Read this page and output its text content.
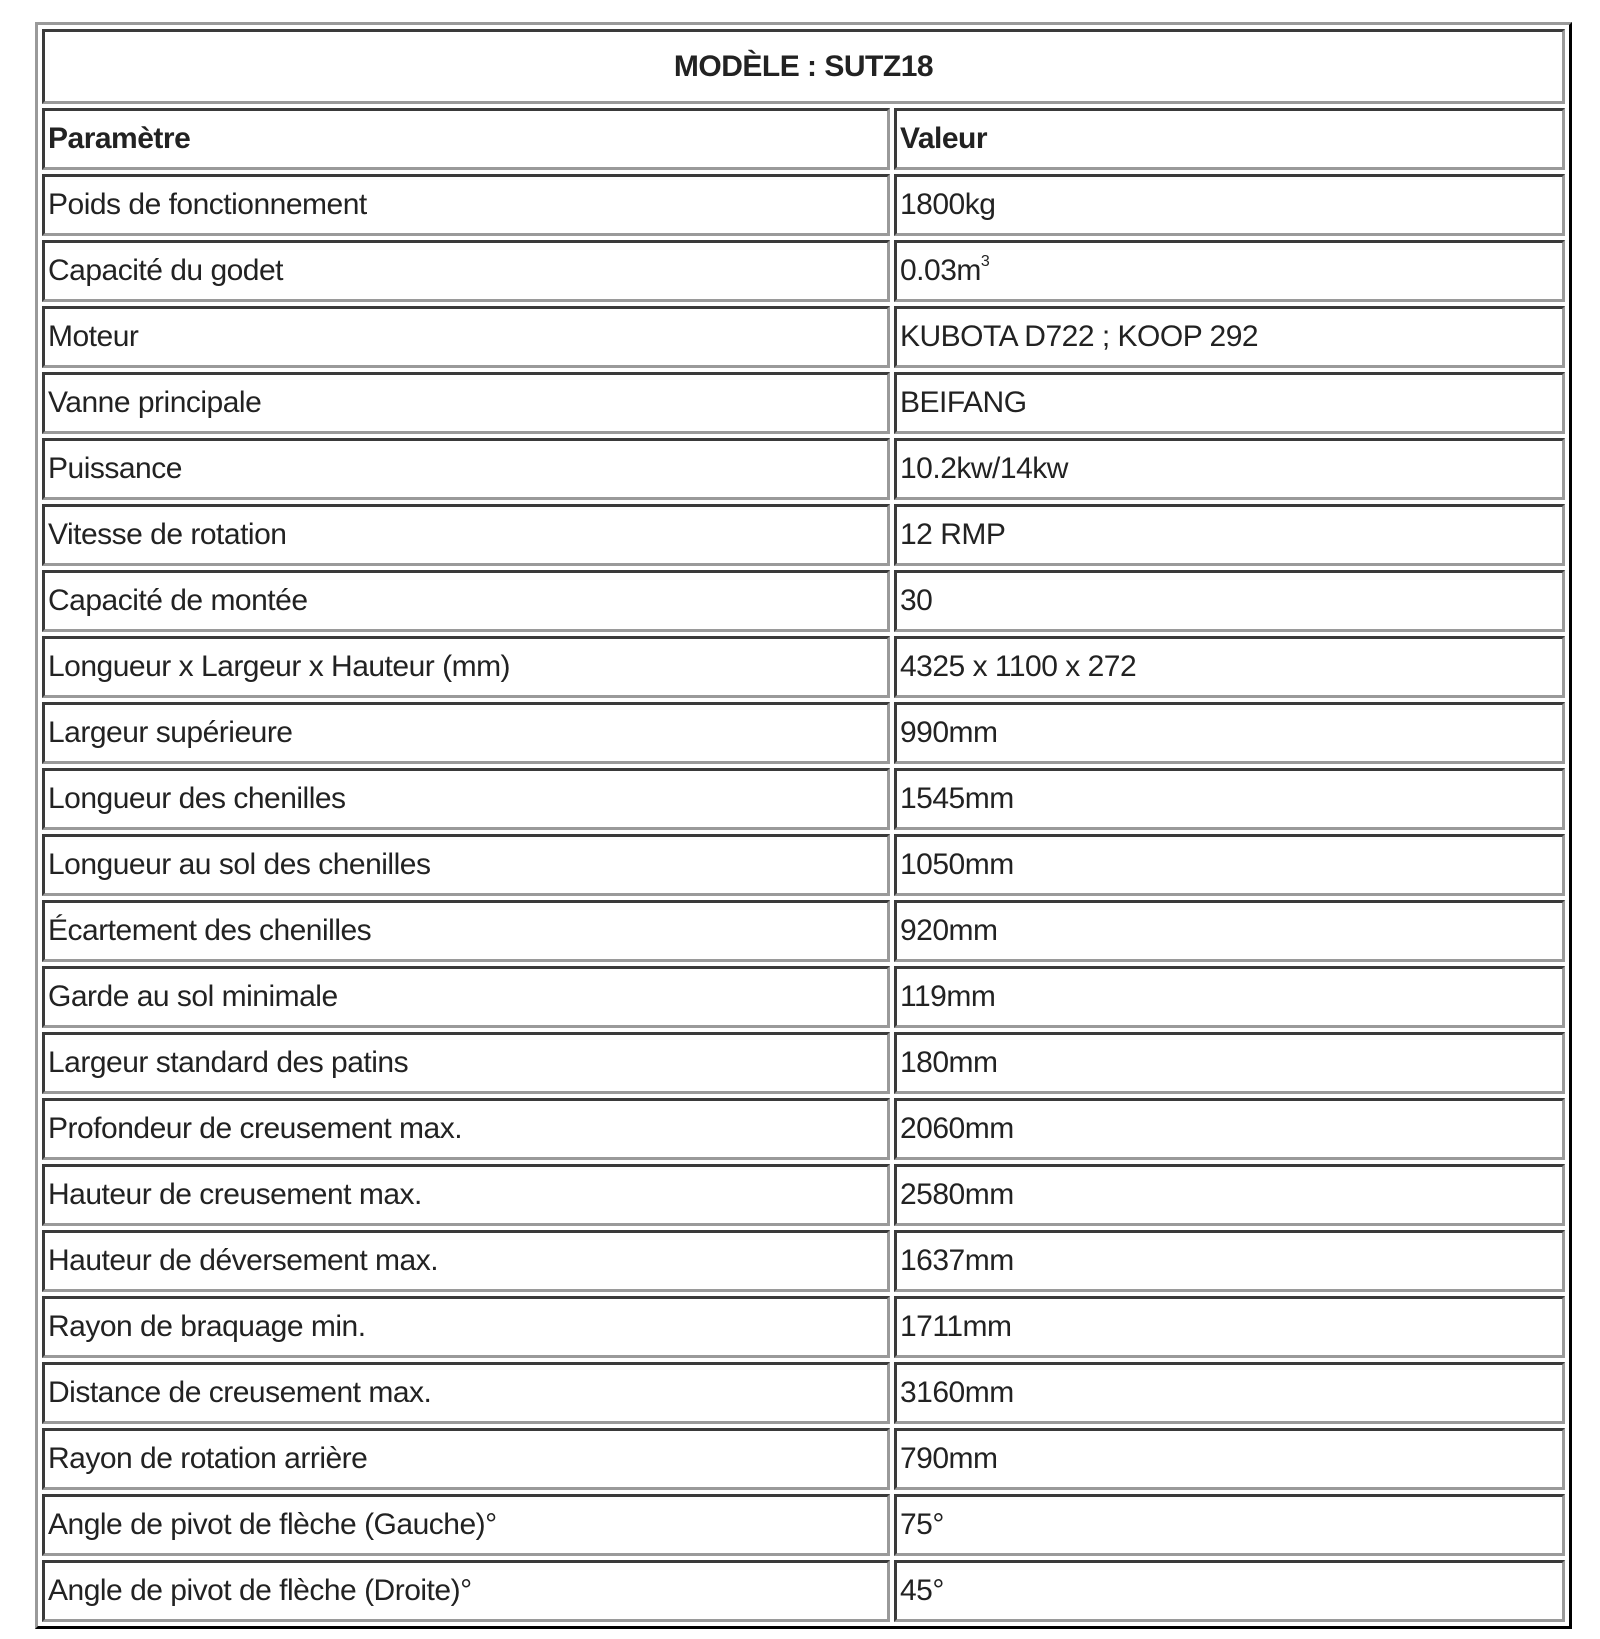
MODÈLE : SUTZ18	
Paramètre	Valeur
Poids de fonctionnement	1800kg
Capacité du godet	$0.03m^3$
Moteur	KUBOTA D722 ; KOOP 292
Vanne principale	BEIFANG
Puissance	10.2kw/14kw
Vitesse de rotation	12 RMP
Capacité de montée	30
Longueur x Largeur x Hauteur (mm)	4325 x 1100 x 272
Largeur supérieure	990mm
Longueur des chenilles	1545mm
Longueur au sol des chenilles	1050mm
Écartement des chenilles	920mm
Garde au sol minimale	119mm
Largeur standard des patins	180mm
Profondeur de creusement max.	2060mm
Hauteur de creusement max.	2580mm
Hauteur de déversement max.	1637mm
Rayon de braquage min.	1711mm
Distance de creusement max.	3160mm
Rayon de rotation arrière	790mm
Angle de pivot de flèche (Gauche)°	75°
Angle de pivot de flèche (Droite)°	45°
